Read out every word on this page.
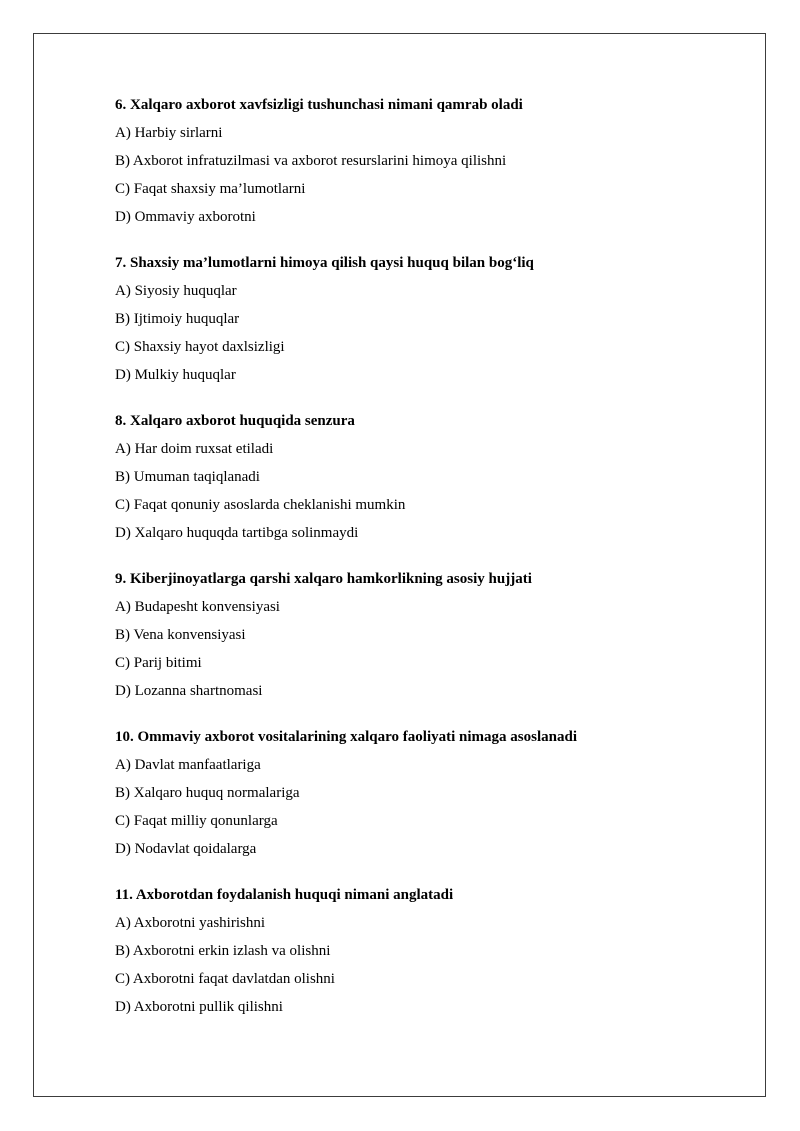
6. Xalqaro axborot xavfsizligi tushunchasi nimani qamrab oladi
A) Harbiy sirlarni
B) Axborot infratuzilmasi va axborot resurslarini himoya qilishni
C) Faqat shaxsiy ma’lumotlarni
D) Ommaviy axborotni
7. Shaxsiy ma’lumotlarni himoya qilish qaysi huquq bilan bog‘liq
A) Siyosiy huquqlar
B) Ijtimoiy huquqlar
C) Shaxsiy hayot daxlsizligi
D) Mulkiy huquqlar
8. Xalqaro axborot huquqida senzura
A) Har doim ruxsat etiladi
B) Umuman taqiqlanadi
C) Faqat qonuniy asoslarda cheklanishi mumkin
D) Xalqaro huquqda tartibga solinmaydi
9. Kiberjinoyatlarga qarshi xalqaro hamkorlikning asosiy hujjati
A) Budapesht konvensiyasi
B) Vena konvensiyasi
C) Parij bitimi
D) Lozanna shartnomasi
10. Ommaviy axborot vositalarining xalqaro faoliyati nimaga asoslanadi
A) Davlat manfaatlariga
B) Xalqaro huquq normalariga
C) Faqat milliy qonunlarga
D) Nodavlat qoidalarga
11. Axborotdan foydalanish huquqi nimani anglatadi
A) Axborotni yashirishni
B) Axborotni erkin izlash va olishni
C) Axborotni faqat davlatdan olishni
D) Axborotni pullik qilishni
